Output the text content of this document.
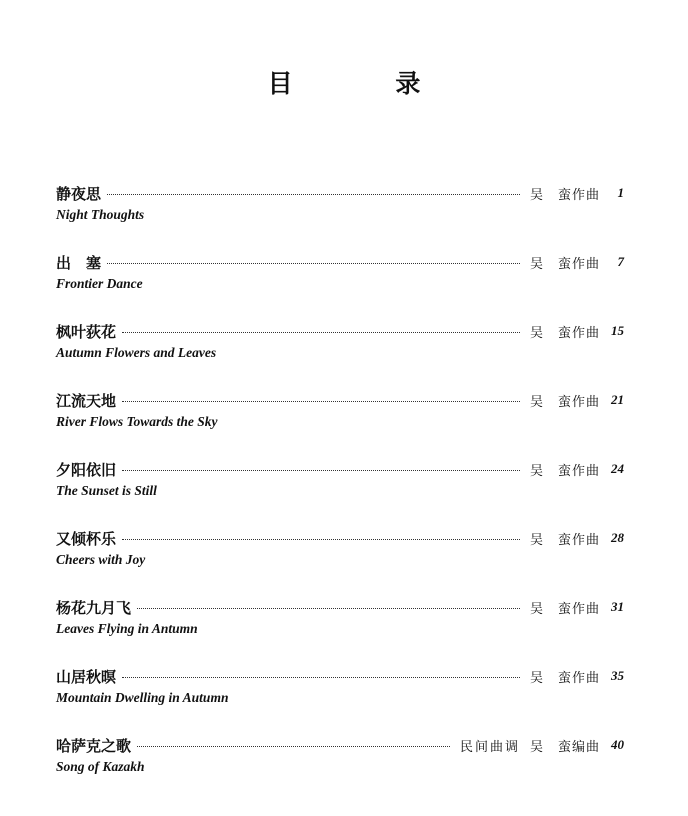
目 录
静夜思	吴 蛮作曲	1
Night Thoughts
出　塞	吴 蛮作曲	7
Frontier Dance
枫叶荻花	吴 蛮作曲 15
Autumn Flowers and Leaves
江流天地	吴 蛮作曲 21
River Flows Towards the Sky
夕阳依旧	吴 蛮作曲 24
The Sunset is Still
又倾杯乐	吴 蛮作曲 28
Cheers with Joy
杨花九月飞	吴 蛮作曲 31
Leaves Flying in Antumn
山居秋暝	吴 蛮作曲 35
Mountain Dwelling in Autumn
哈萨克之歌	民间曲调 吴 蛮编曲 40
Song of Kazakh
